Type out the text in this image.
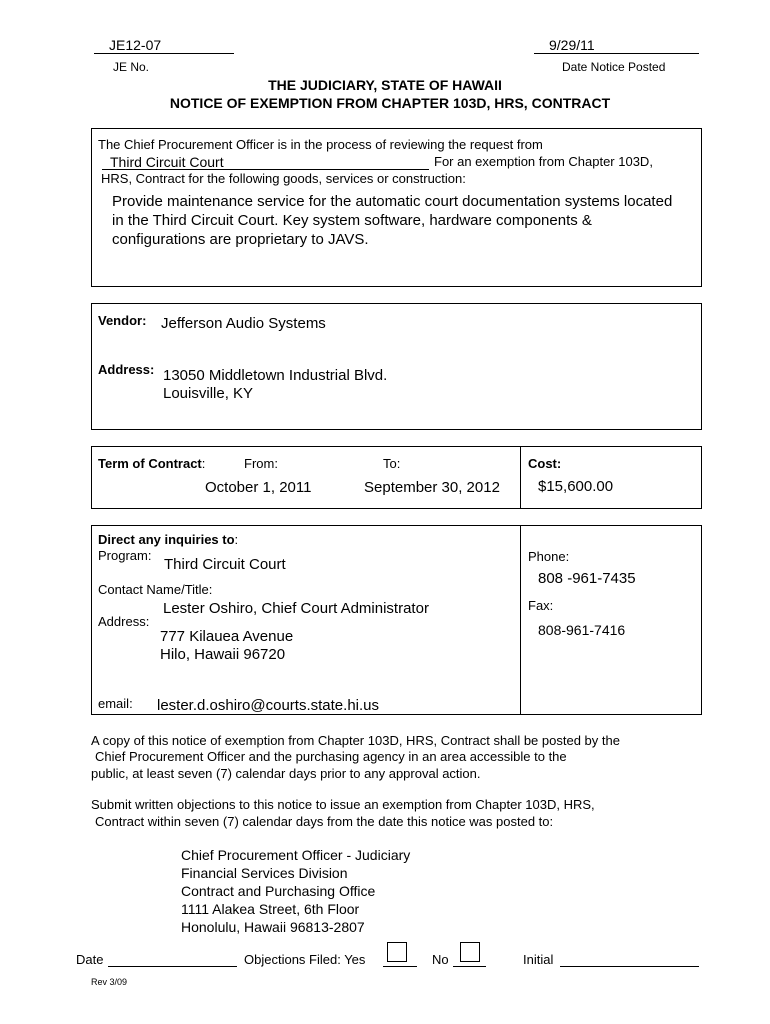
JE12-07
JE No.
9/29/11
Date Notice Posted
THE JUDICIARY, STATE OF HAWAII
NOTICE OF EXEMPTION FROM CHAPTER 103D, HRS, CONTRACT
The Chief Procurement Officer is in the process of reviewing the request from
Third Circuit Court	For an exemption from Chapter 103D,
HRS, Contract for the following goods, services or construction:
Provide maintenance service for the automatic court documentation systems located
in the Third Circuit Court. Key system software, hardware components &
configurations are proprietary to JAVS.
Vendor: Jefferson Audio Systems
Address: 13050 Middletown Industrial Blvd.
Louisville, KY
Term of Contract:	From:	To:
October 1, 2011	September 30, 2012
Cost:
$15,600.00
Direct any inquiries to:
Program:
Third Circuit Court
Contact Name/Title:
Lester Oshiro, Chief Court Administrator
Address:
777 Kilauea Avenue
Hilo, Hawaii 96720
email: lester.d.oshiro@courts.state.hi.us
Phone:
808 -961-7435
Fax:
808-961-7416
A copy of this notice of exemption from Chapter 103D, HRS, Contract shall be posted by the
Chief Procurement Officer and the purchasing agency in an area accessible to the
public, at least seven (7) calendar days prior to any approval action.
Submit written objections to this notice to issue an exemption from Chapter 103D, HRS,
Contract within seven (7) calendar days from the date this notice was posted to:
Chief Procurement Officer - Judiciary
Financial Services Division
Contract and Purchasing Office
1111 Alakea Street, 6th Floor
Honolulu, Hawaii 96813-2807
Date	Objections Filed: Yes	No	Initial
Rev 3/09
